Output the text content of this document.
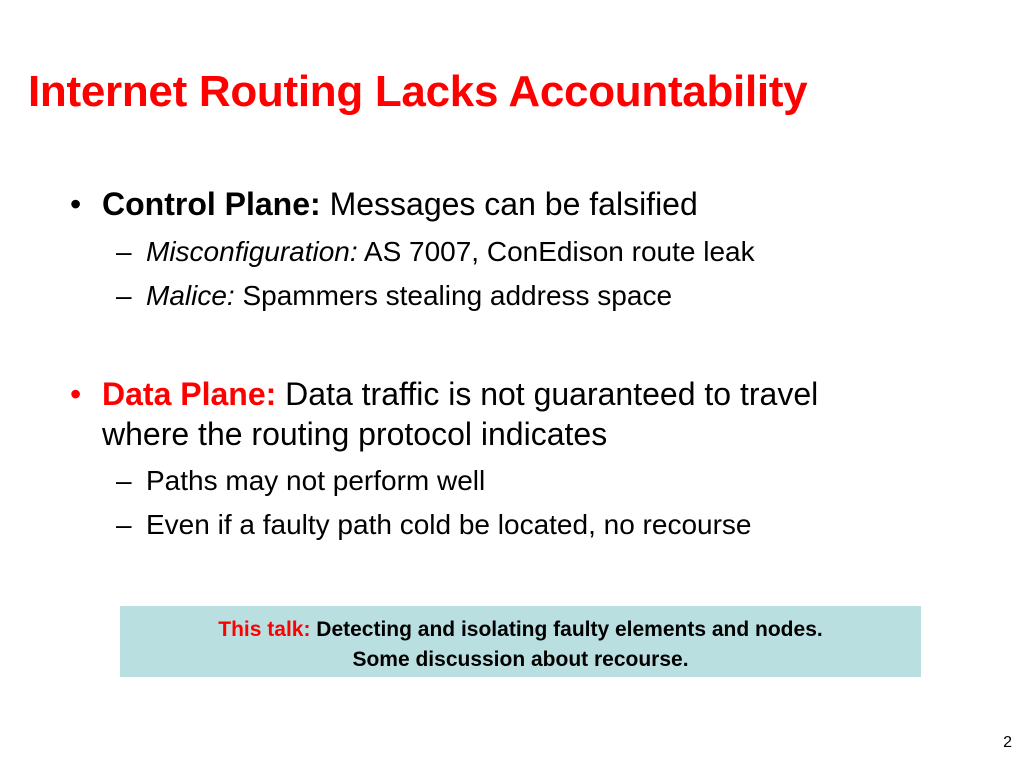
Internet Routing Lacks Accountability
• Control Plane: Messages can be falsified
– Misconfiguration: AS 7007, ConEdison route leak
– Malice: Spammers stealing address space
• Data Plane: Data traffic is not guaranteed to travel where the routing protocol indicates
– Paths may not perform well
– Even if a faulty path cold be located, no recourse
This talk: Detecting and isolating faulty elements and nodes.
Some discussion about recourse.
2
